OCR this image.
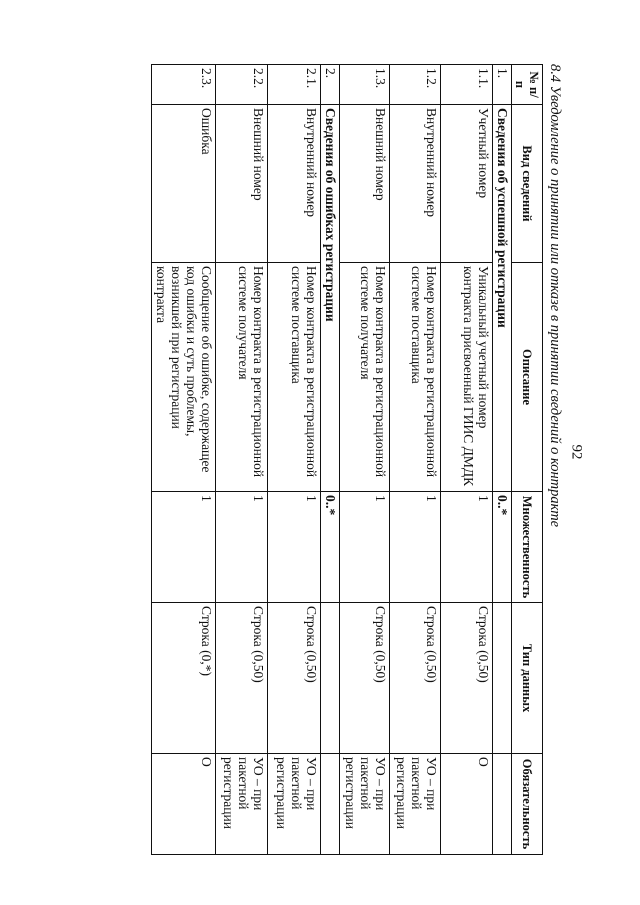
92
8.4 Уведомление о принятии или отказе в принятии сведений о контракте
№ п/п	Вид сведений	Описание	Множественность	Тип данных	Обязательность
1.	Сведения об успешной регистрации		0..*		
1.1.	Учетный номер	Уникальный учетный номер контракта присвоенный ГИИС ДМДК	1	Строка (0,50)	О
1.2.	Внутренний номер	Номер контракта в регистрационной системе поставщика	1	Строка (0,50)	УО – при пакетной регистрации
1.3.	Внешний номер	Номер контракта в регистрационной системе получателя	1	Строка (0,50)	УО – при пакетной регистрации
2.	Сведения об ошибках регистрации		0..*		
2.1.	Внутренний номер	Номер контракта в регистрационной системе поставщика	1	Строка (0,50)	УО – при пакетной регистрации
2.2.	Внешний номер	Номер контракта в регистрационной системе получателя	1	Строка (0,50)	УО – при пакетной регистрации
2.3.	Ошибка	Сообщение об ошибке, содержащее код ошибки и суть проблемы, возникшей при регистрации контракта	1	Строка (0,*)	О
